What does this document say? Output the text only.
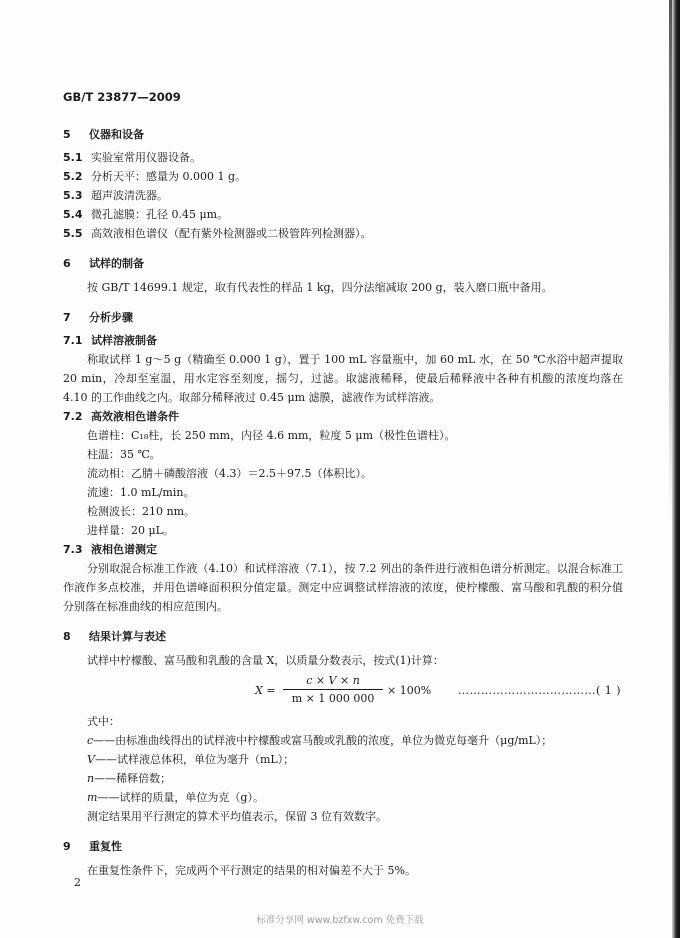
GB/T 23877—2009
5 仪器和设备
5.1 实验室常用仪器设备。
5.2 分析天平：感量为 0.000 1 g。
5.3 超声波清洗器。
5.4 微孔滤膜：孔径 0.45 μm。
5.5 高效液相色谱仪（配有紫外检测器或二极管阵列检测器）。
6 试样的制备
按 GB/T 14699.1 规定，取有代表性的样品 1 kg，四分法缩减取 200 g，装入磨口瓶中备用。
7 分析步骤
7.1 试样溶液制备
称取试样 1 g～5 g（精确至 0.000 1 g），置于 100 mL 容量瓶中，加 60 mL 水，在 50 ℃水浴中超声提取 20 min，冷却至室温，用水定容至刻度，摇匀，过滤。取滤液稀释，使最后稀释液中各种有机酸的浓度均落在 4.10 的工作曲线之内。取部分稀释液过 0.45 μm 滤膜，滤液作为试样溶液。
7.2 高效液相色谱条件
色谱柱：C₁₈柱，长 250 mm，内径 4.6 mm，粒度 5 μm（极性色谱柱）。
柱温：35 ℃。
流动相：乙腈＋磷酸溶液（4.3）＝2.5＋97.5（体积比）。
流速：1.0 mL/min。
检测波长：210 nm。
进样量：20 μL。
7.3 液相色谱测定
分别取混合标准工作液（4.10）和试样溶液（7.1），按 7.2 列出的条件进行液相色谱分析测定。以混合标准工作液作多点校准，并用色谱峰面积积分值定量。测定中应调整试样溶液的浓度，使柠檬酸、富马酸和乳酸的积分值分别落在标准曲线的相应范围内。
8 结果计算与表述
试样中柠檬酸、富马酸和乳酸的含量 X，以质量分数表示，按式(1)计算：
$X = \frac{c \times V \times n}{m \times 1 000 000} \times 100\%$ ………………………………( 1 )
式中：
c——由标准曲线得出的试样液中柠檬酸或富马酸或乳酸的浓度，单位为微克每毫升（μg/mL）；
V——试样液总体积，单位为毫升（mL）；
n——稀释倍数；
m——试样的质量，单位为克（g）。
测定结果用平行测定的算术平均值表示，保留 3 位有效数字。
9 重复性
在重复性条件下，完成两个平行测定的结果的相对偏差不大于 5%。
2
标准分享网 www.bzfxw.com 免费下载
